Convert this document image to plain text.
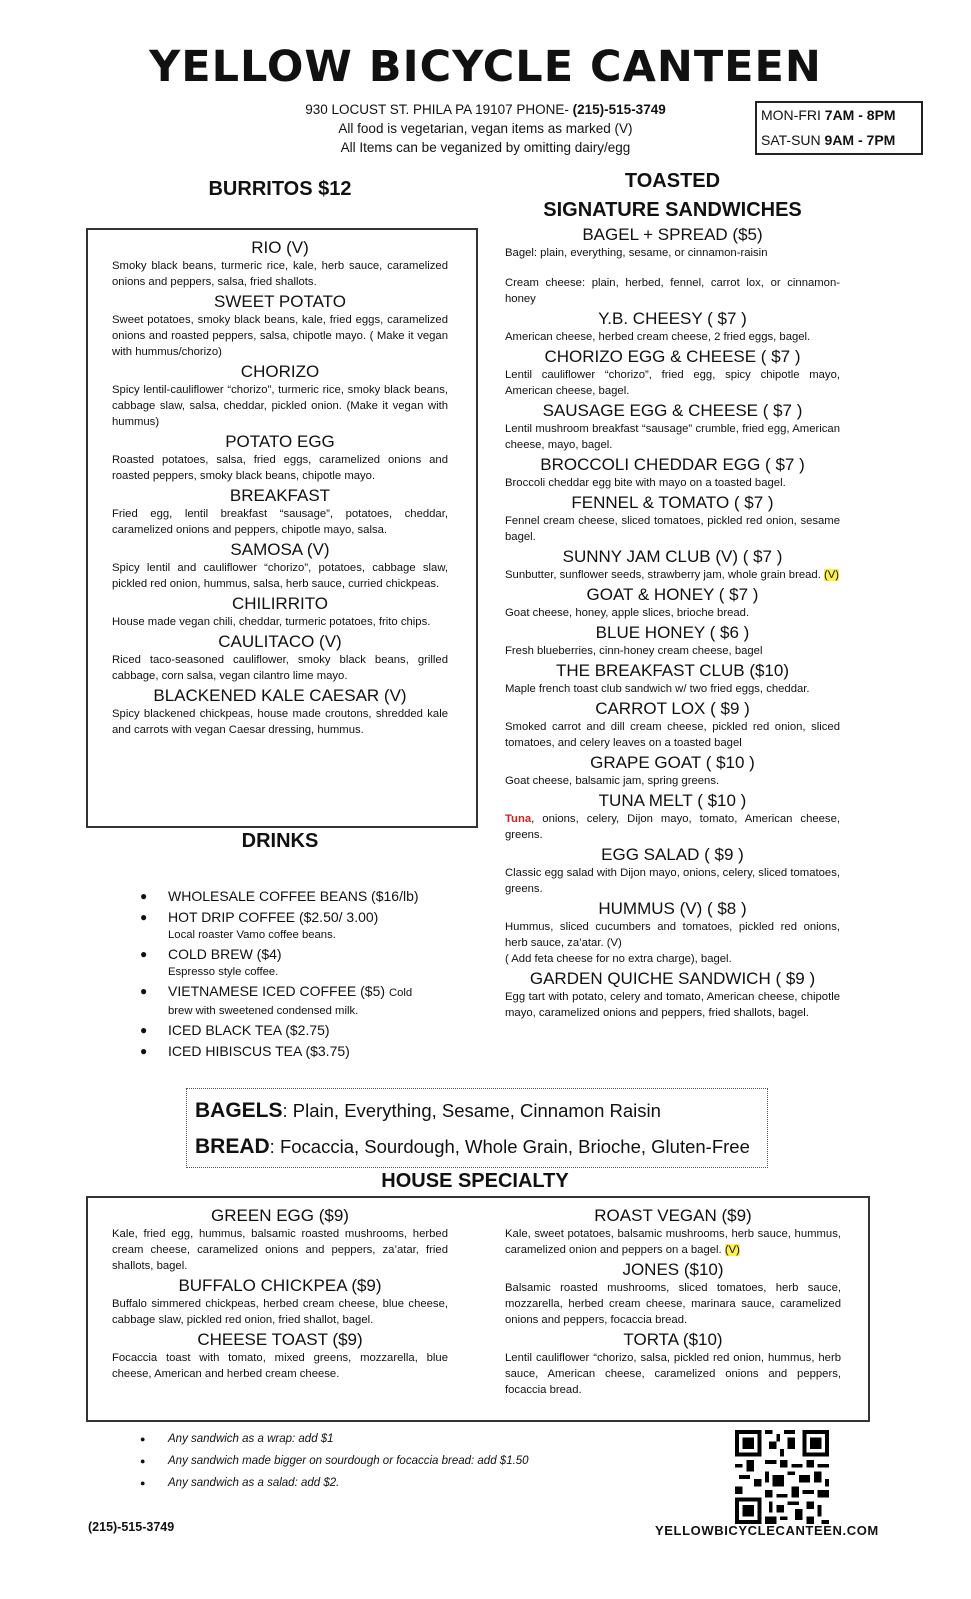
YELLOW BICYCLE CANTEEN
930 LOCUST ST. PHILA PA 19107 PHONE- (215)-515-3749
All food is vegetarian, vegan items as marked (V)
All Items can be veganized by omitting dairy/egg
MON-FRI 7AM - 8PM
SAT-SUN 9AM - 7PM
BURRITOS $12
RIO (V)
Smoky black beans, turmeric rice, kale, herb sauce, caramelized onions and peppers, salsa, fried shallots.
SWEET POTATO
Sweet potatoes, smoky black beans, kale, fried eggs, caramelized onions and roasted peppers, salsa, chipotle mayo. ( Make it vegan with hummus/chorizo)
CHORIZO
Spicy lentil-cauliflower “chorizo”, turmeric rice, smoky black beans, cabbage slaw, salsa, cheddar, pickled onion. (Make it vegan with hummus)
POTATO EGG
Roasted potatoes, salsa, fried eggs, caramelized onions and roasted peppers, smoky black beans, chipotle mayo.
BREAKFAST
Fried egg, lentil breakfast “sausage”, potatoes, cheddar, caramelized onions and peppers, chipotle mayo, salsa.
SAMOSA (V)
Spicy lentil and cauliflower “chorizo”, potatoes, cabbage slaw, pickled red onion, hummus, salsa, herb sauce, curried chickpeas.
CHILIRRITO
House made vegan chili, cheddar, turmeric potatoes, frito chips.
CAULITACO (V)
Riced taco-seasoned cauliflower, smoky black beans, grilled cabbage, corn salsa, vegan cilantro lime mayo.
BLACKENED KALE CAESAR (V)
Spicy blackened chickpeas, house made croutons, shredded kale and carrots with vegan Caesar dressing, hummus.
DRINKS
● WHOLESALE COFFEE BEANS ($16/lb)
● HOT DRIP COFFEE ($2.50/ 3.00)
Local roaster Vamo coffee beans.
● COLD BREW ($4)
Espresso style coffee.
● VIETNAMESE ICED COFFEE ($5) Cold
brew with sweetened condensed milk.
● ICED BLACK TEA ($2.75)
● ICED HIBISCUS TEA ($3.75)
TOASTED
SIGNATURE SANDWICHES
BAGEL + SPREAD ($5)
Bagel: plain, everything, sesame, or cinnamon-raisin
Cream cheese: plain, herbed, fennel, carrot lox, or cinnamon-honey
Y.B. CHEESY ( $7 )
American cheese, herbed cream cheese, 2 fried eggs, bagel.
CHORIZO EGG & CHEESE ( $7 )
Lentil cauliflower “chorizo”, fried egg, spicy chipotle mayo, American cheese, bagel.
SAUSAGE EGG & CHEESE ( $7 )
Lentil mushroom breakfast “sausage” crumble, fried egg, American cheese, mayo, bagel.
BROCCOLI CHEDDAR EGG ( $7 )
Broccoli cheddar egg bite with mayo on a toasted bagel.
FENNEL & TOMATO ( $7 )
Fennel cream cheese, sliced tomatoes, pickled red onion, sesame bagel.
SUNNY JAM CLUB (V) ( $7 )
Sunbutter, sunflower seeds, strawberry jam, whole grain bread. (V)
GOAT & HONEY ( $7 )
Goat cheese, honey, apple slices, brioche bread.
BLUE HONEY ( $6 )
Fresh blueberries, cinn-honey cream cheese, bagel
THE BREAKFAST CLUB ($10)
Maple french toast club sandwich w/ two fried eggs, cheddar.
CARROT LOX ( $9 )
Smoked carrot and dill cream cheese, pickled red onion, sliced tomatoes, and celery leaves on a toasted bagel
GRAPE GOAT ( $10 )
Goat cheese, balsamic jam, spring greens.
TUNA MELT ( $10 )
Tuna, onions, celery, Dijon mayo, tomato, American cheese, greens.
EGG SALAD ( $9 )
Classic egg salad with Dijon mayo, onions, celery, sliced tomatoes, greens.
HUMMUS (V) ( $8 )
Hummus, sliced cucumbers and tomatoes, pickled red onions, herb sauce, za’atar. (V)
( Add feta cheese for no extra charge), bagel.
GARDEN QUICHE SANDWICH ( $9 )
Egg tart with potato, celery and tomato, American cheese, chipotle mayo, caramelized onions and peppers, fried shallots, bagel.
BAGELS: Plain, Everything, Sesame, Cinnamon Raisin
BREAD: Focaccia, Sourdough, Whole Grain, Brioche, Gluten-Free
HOUSE SPECIALTY
GREEN EGG ($9)
Kale, fried egg, hummus, balsamic roasted mushrooms, herbed cream cheese, caramelized onions and peppers, za’atar, fried shallots, bagel.
BUFFALO CHICKPEA ($9)
Buffalo simmered chickpeas, herbed cream cheese, blue cheese, cabbage slaw, pickled red onion, fried shallot, bagel.
CHEESE TOAST ($9)
Focaccia toast with tomato, mixed greens, mozzarella, blue cheese, American and herbed cream cheese.
ROAST VEGAN ($9)
Kale, sweet potatoes, balsamic mushrooms, herb sauce, hummus, caramelized onion and peppers on a bagel. (V)
JONES ($10)
Balsamic roasted mushrooms, sliced tomatoes, herb sauce, mozzarella, herbed cream cheese, marinara sauce, caramelized onions and peppers, focaccia bread.
TORTA ($10)
Lentil cauliflower “chorizo, salsa, pickled red onion, hummus, herb sauce, American cheese, caramelized onions and peppers, focaccia bread.
● Any sandwich as a wrap: add $1
● Any sandwich made bigger on sourdough or focaccia bread: add $1.50
● Any sandwich as a salad: add $2.
(215)-515-3749	YELLOWBICYCLECANTEEN.COM
